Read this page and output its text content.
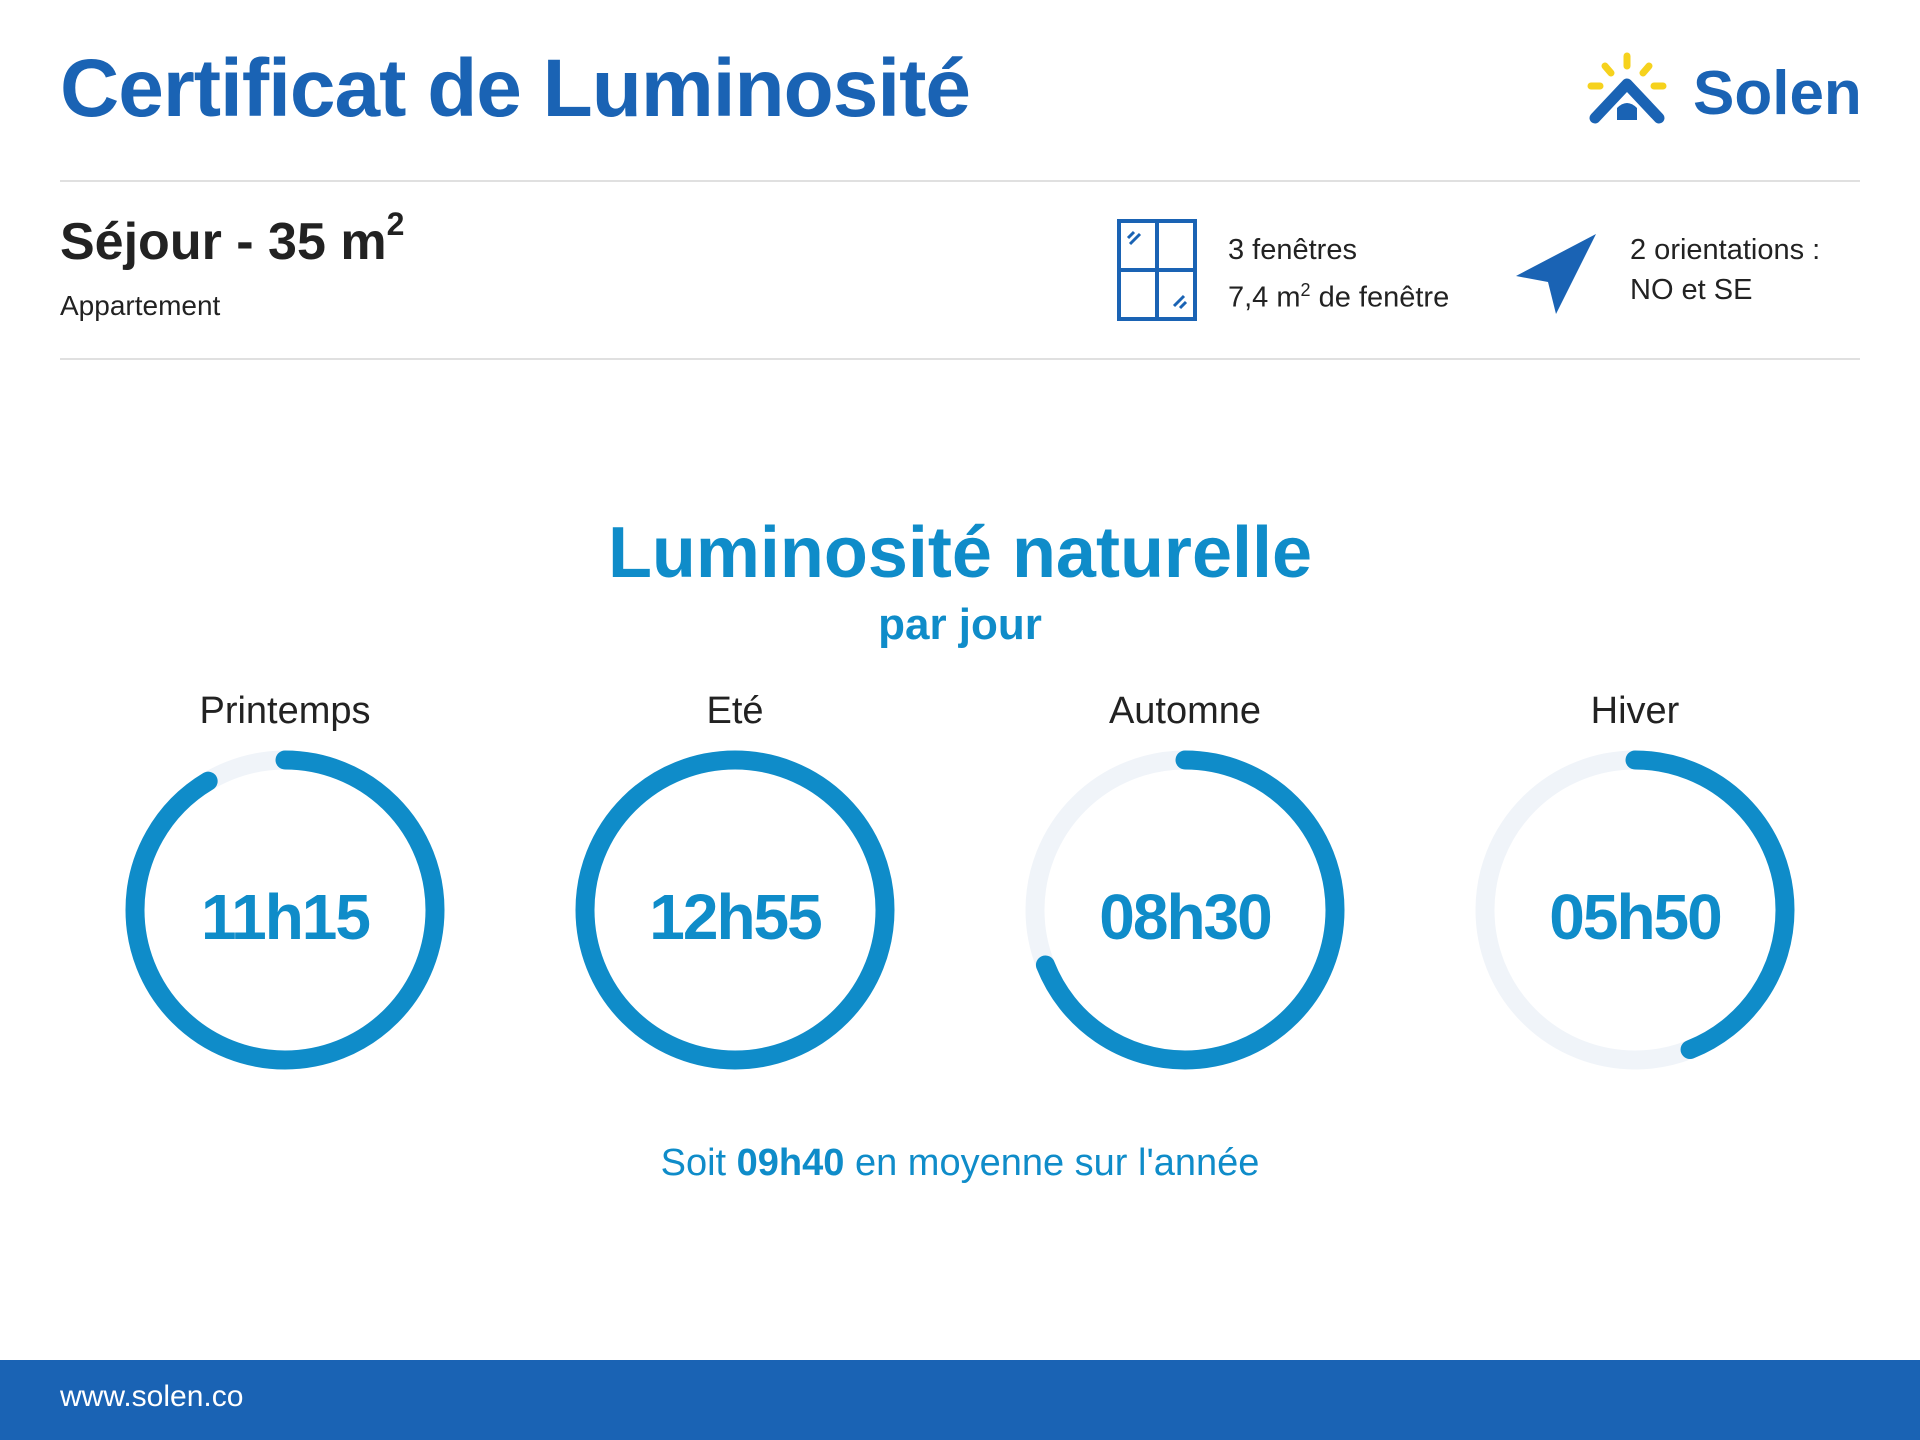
Certificat de Luminosité	Solen
Séjour - 35 $m^2$
Appartement
3 fenêtres
7,4 $m^2$ de fenêtre
2 orientations :
NO et SE
Luminosité naturelle
par jour
Printemps
11h15
Eté
12h55
Automne
08h30
Hiver
05h50
Soit 09h40 en moyenne sur l'année
www.solen.co
